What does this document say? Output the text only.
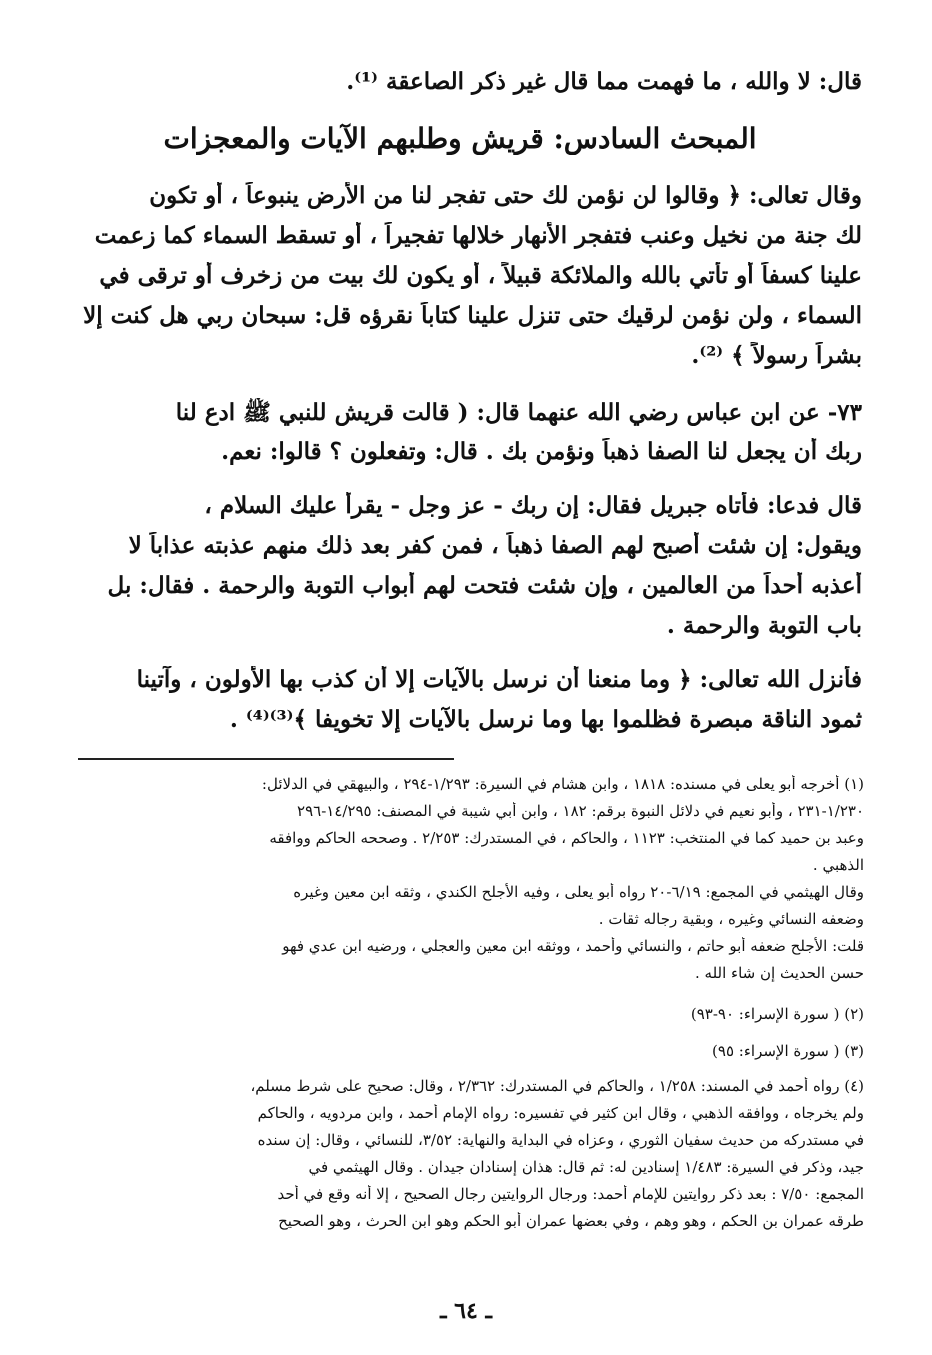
قال: لا والله ، ما فهمت مما قال غير ذكر الصاعقة ⁽¹⁾.
المبحث السادس: قريش وطلبهم الآيات والمعجزات
وقال تعالى: ﴿ وقالوا لن نؤمن لك حتى تفجر لنا من الأرض ينبوعاً ، أو تكون
لك جنة من نخيل وعنب فتفجر الأنهار خلالها تفجيراً ، أو تسقط السماء كما زعمت
علينا كسفاً أو تأتي بالله والملائكة قبيلاً ، أو يكون لك بيت من زخرف أو ترقى في
السماء ، ولن نؤمن لرقيك حتى تنزل علينا كتاباً نقرؤه قل: سبحان ربي هل كنت إلا
بشراً رسولاً ﴾ ⁽²⁾.
٧٣- عن ابن عباس رضي الله عنهما قال: ( قالت قريش للنبي ﷺ ادع لنا
ربك أن يجعل لنا الصفا ذهباً ونؤمن بك . قال: وتفعلون ؟ قالوا: نعم.
قال فدعا: فأتاه جبريل فقال: إن ربك - عز وجل - يقرأ عليك السلام ،
ويقول: إن شئت أصبح لهم الصفا ذهباً ، فمن كفر بعد ذلك منهم عذبته عذاباً لا
أعذبه أحداً من العالمين ، وإن شئت فتحت لهم أبواب التوبة والرحمة . فقال: بل
باب التوبة والرحمة .
فأنزل الله تعالى: ﴿ وما منعنا أن نرسل بالآيات إلا أن كذب بها الأولون ، وآتينا
ثمود الناقة مبصرة فظلموا بها وما نرسل بالآيات إلا تخويفا ﴾⁽³⁾⁽⁴⁾ .
(١) أخرجه أبو يعلى في مسنده: ١٨١٨ ، وابن هشام في السيرة: ١/٢٩٣-٢٩٤ ، والبيهقي في الدلائل:
١/٢٣٠-٢٣١ ، وأبو نعيم في دلائل النبوة برقم: ١٨٢ ، وابن أبي شيبة في المصنف: ١٤/٢٩٥-٢٩٦
وعبد بن حميد كما في المنتخب: ١١٢٣ ، والحاكم ، في المستدرك: ٢/٢٥٣ . وصححه الحاكم ووافقه
الذهبي .
وقال الهيثمي في المجمع: ٦/١٩-٢٠ رواه أبو يعلى ، وفيه الأجلح الكندي ، وثقه ابن معين وغيره
وضعفه النسائي وغيره ، وبقية رجاله ثقات .
قلت: الأجلح ضعفه أبو حاتم ، والنسائي وأحمد ، ووثقه ابن معين والعجلي ، ورضيه ابن عدي فهو
حسن الحديث إن شاء الله .
(٢) ( سورة الإسراء: ٩٠-٩٣)
(٣) ( سورة الإسراء: ٩٥)
(٤) رواه أحمد في المسند: ١/٢٥٨ ، والحاكم في المستدرك: ٢/٣٦٢ ، وقال: صحيح على شرط مسلم،
ولم يخرجاه ، ووافقه الذهبي ، وقال ابن كثير في تفسيره: رواه الإمام أحمد ، وابن مردويه ، والحاكم
في مستدركه من حديث سفيان الثوري ، وعزاه في البداية والنهاية: ٣/٥٢، للنسائي ، وقال: إن سنده
جيد، وذكر في السيرة: ١/٤٨٣ إسنادين له: ثم قال: هذان إسنادان جيدان . وقال الهيثمي في
المجمع: ٧/٥٠ : بعد ذكر روايتين للإمام أحمد: ورجال الروايتين رجال الصحيح ، إلا أنه وقع في أحد
طرقه عمران بن الحكم ، وهو وهم ، وفي بعضها عمران أبو الحكم وهو ابن الحرث ، وهو الصحيح
ـ ٦٤ ـ
